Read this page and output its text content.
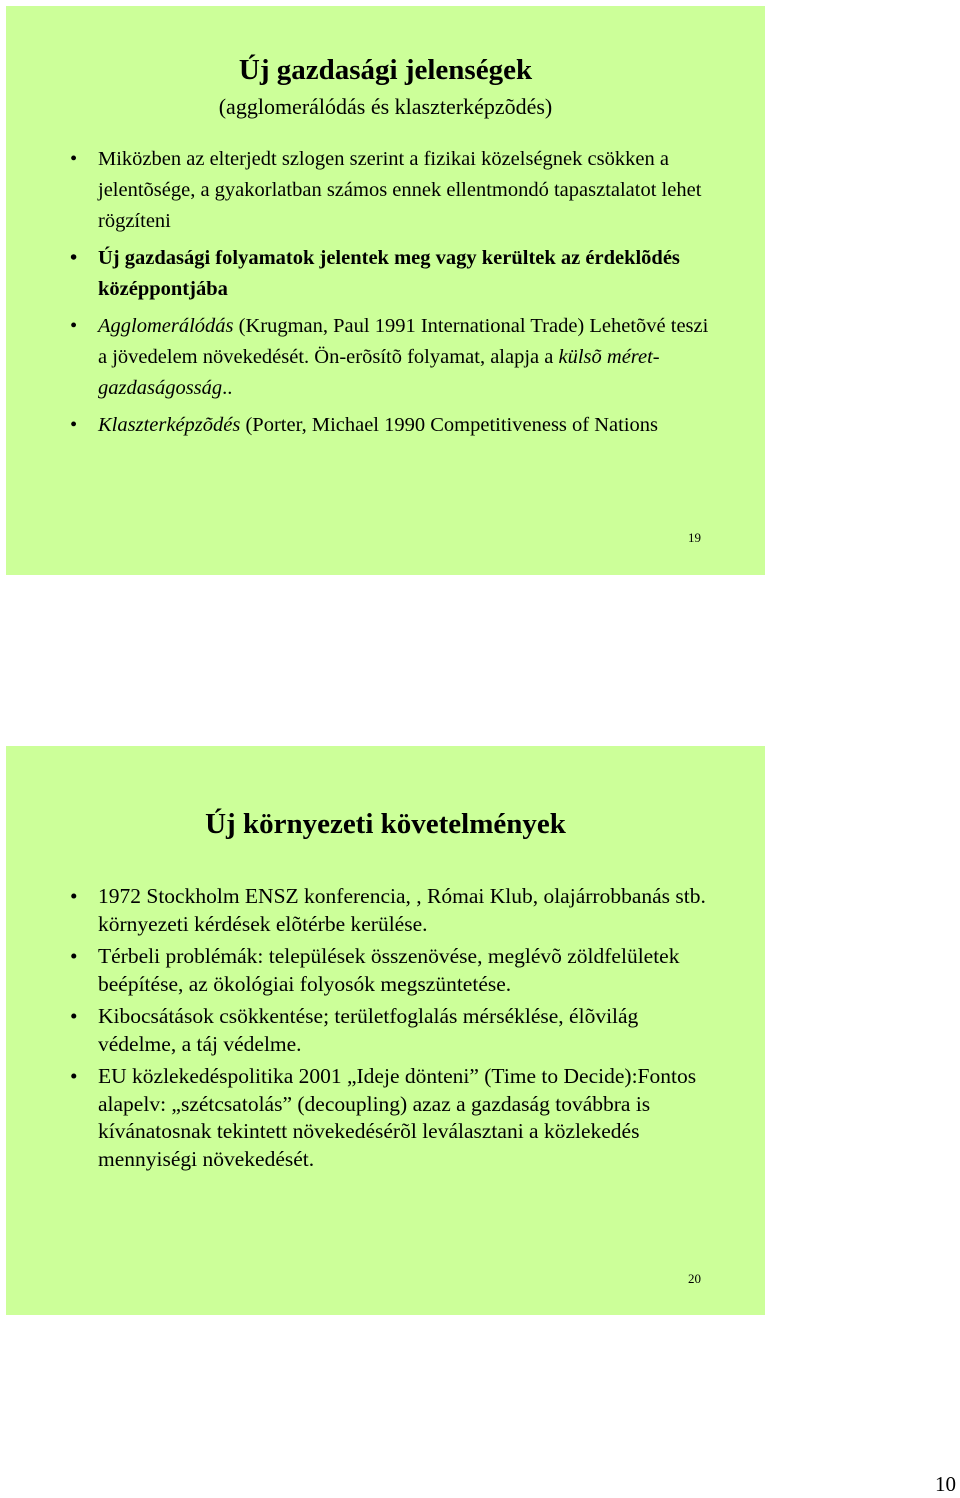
Új gazdasági jelenségek

(agglomerálódás és klaszterképzõdés)

• Miközben az elterjedt szlogen szerint a fizikai közelségnek csökken a jelentõsége, a gyakorlatban számos ennek ellentmondó tapasztalatot lehet rögzíteni
• Új gazdasági folyamatok jelentek meg vagy kerültek az érdeklõdés középpontjába
• Agglomerálódás (Krugman, Paul 1991 International Trade) Lehetõvé teszi a jövedelem növekedését. Ön-erõsítõ folyamat, alapja a külsõ méret-gazdaságosság..
• Klaszterképzõdés (Porter, Michael 1990 Competitiveness of Nations
19
Új környezeti követelmények
• 1972 Stockholm ENSZ konferencia, , Római Klub, olajárrobbanás stb. környezeti kérdések elõtérbe kerülése.
• Térbeli problémák: települések összenövése, meglévõ zöldfelületek beépítése, az ökológiai folyosók megszüntetése.
• Kibocsátások csökkentése; területfoglalás mérséklése, élõvilág védelme, a táj védelme.
• EU közlekedéspolitika 2001 „Ideje dönteni” (Time to Decide):Fontos alapelv: „szétcsatolás” (decoupling) azaz a gazdaság továbbra is kívánatosnak tekintett növekedésérõl leválasztani a közlekedés mennyiségi növekedését.
20
10
